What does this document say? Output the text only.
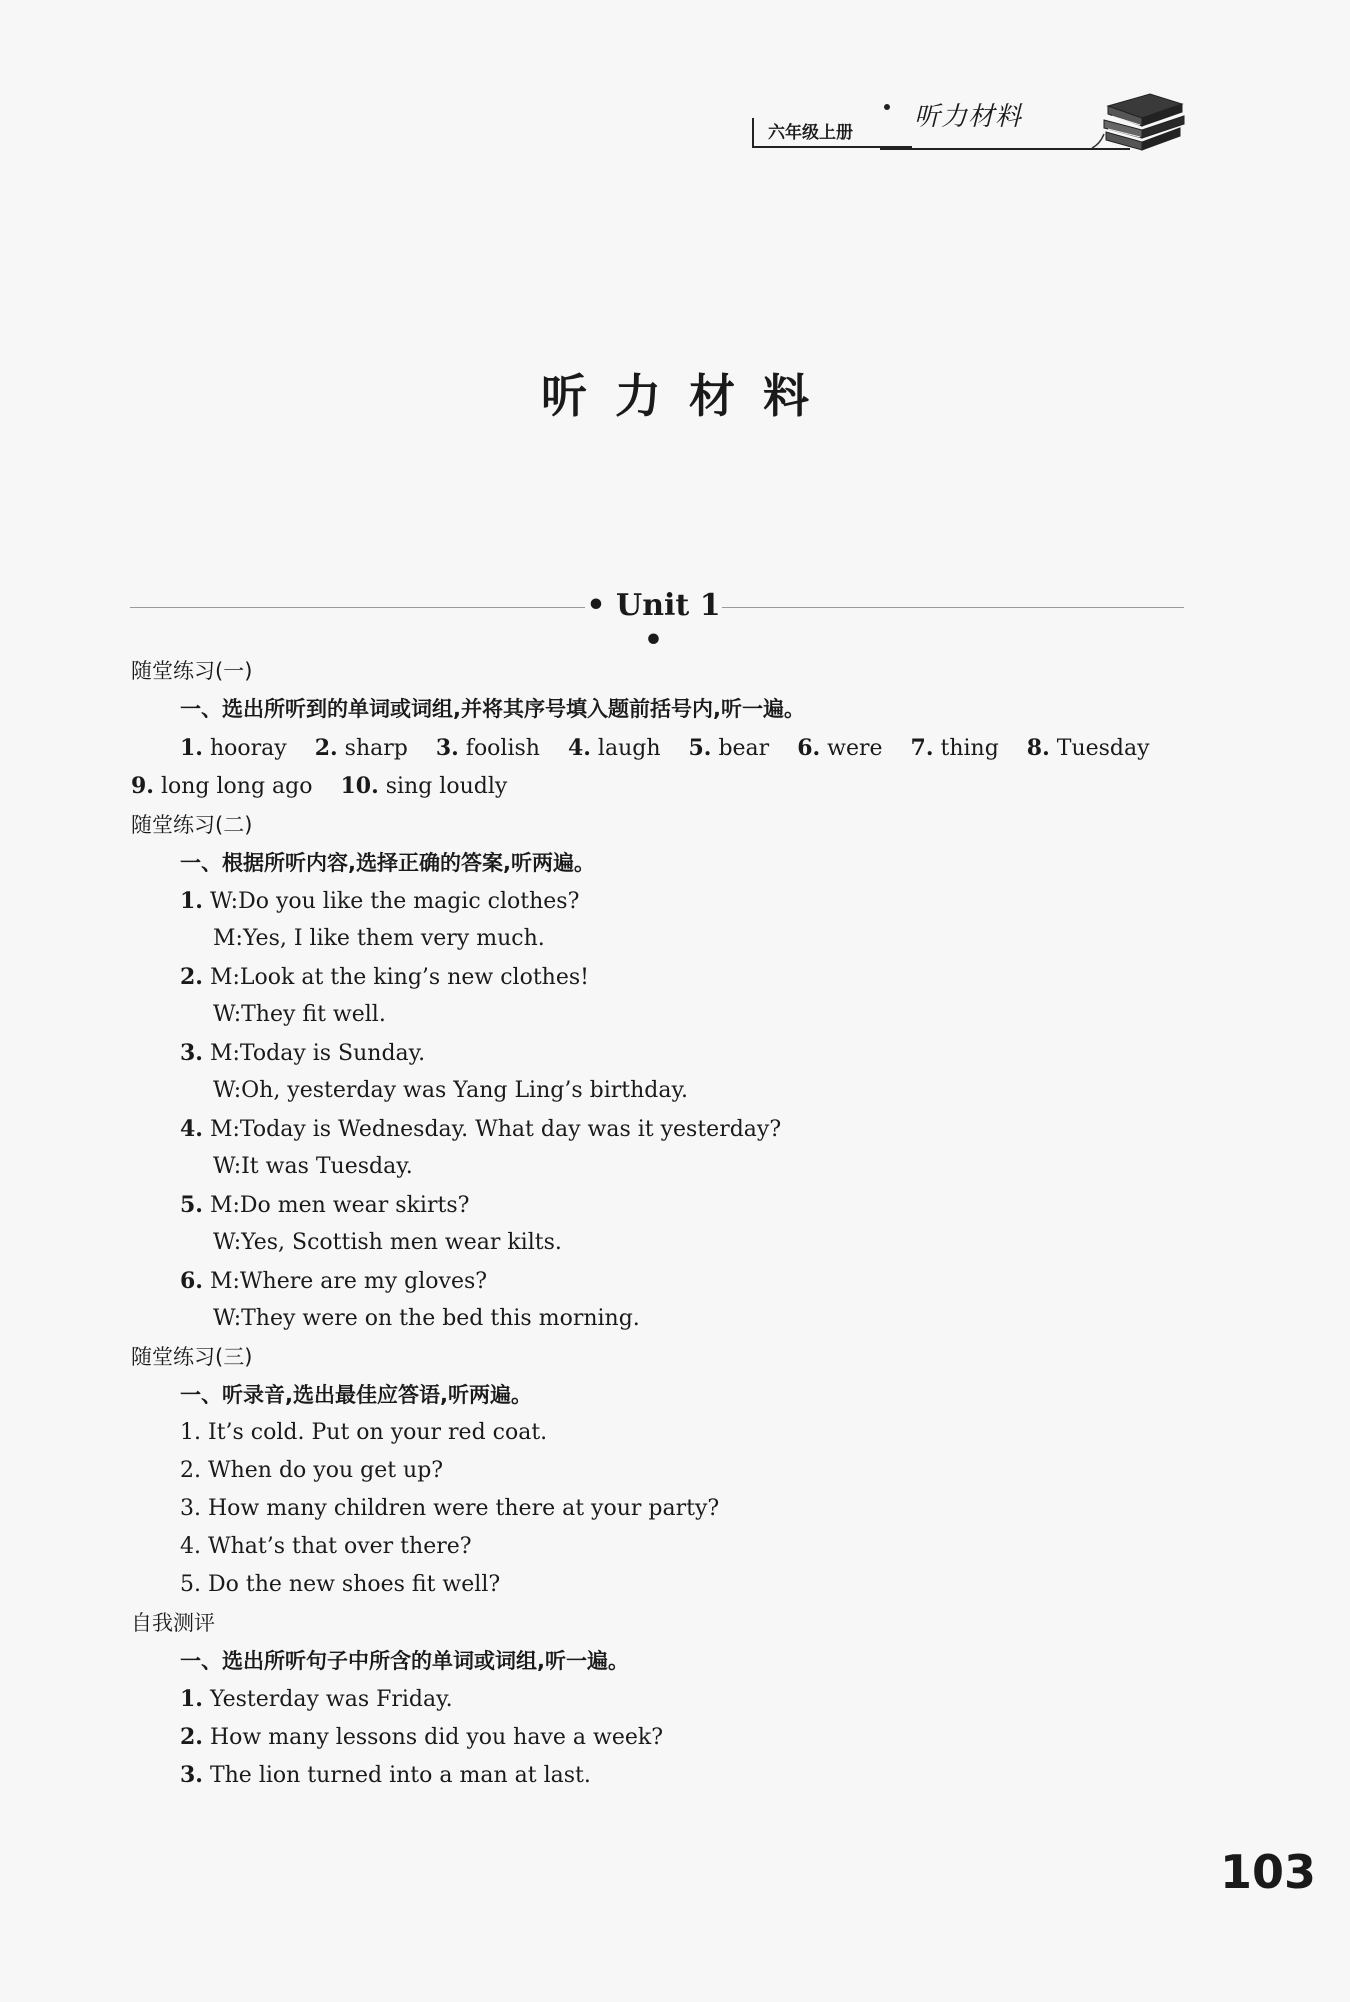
六年级上册
听力材料
听力材料
• Unit 1 •
随堂练习(一)
一、选出所听到的单词或词组,并将其序号填入题前括号内,听一遍。
1. hooray 2. sharp 3. foolish 4. laugh 5. bear 6. were 7. thing 8. Tuesday
9. long long ago 10. sing loudly
随堂练习(二)
一、根据所听内容,选择正确的答案,听两遍。
1. W:Do you like the magic clothes?
M:Yes, I like them very much.
2. M:Look at the king’s new clothes!
W:They fit well.
3. M:Today is Sunday.
W:Oh, yesterday was Yang Ling’s birthday.
4. M:Today is Wednesday. What day was it yesterday?
W:It was Tuesday.
5. M:Do men wear skirts?
W:Yes, Scottish men wear kilts.
6. M:Where are my gloves?
W:They were on the bed this morning.
随堂练习(三)
一、听录音,选出最佳应答语,听两遍。
1. It’s cold. Put on your red coat.
2. When do you get up?
3. How many children were there at your party?
4. What’s that over there?
5. Do the new shoes fit well?
自我测评
一、选出所听句子中所含的单词或词组,听一遍。
1. Yesterday was Friday.
2. How many lessons did you have a week?
3. The lion turned into a man at last.
103
